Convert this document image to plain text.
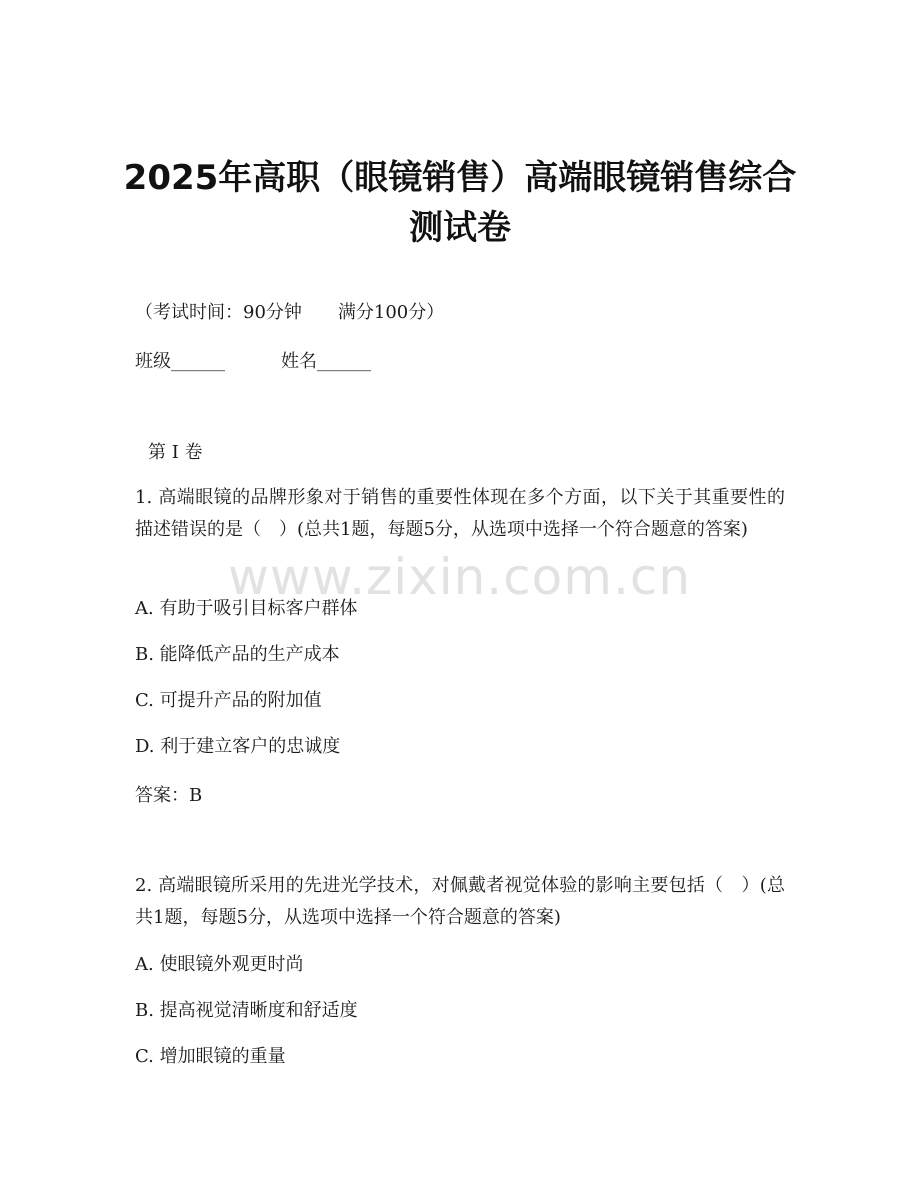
2025年高职（眼镜销售）高端眼镜销售综合
测试卷
（考试时间：90分钟　　满分100分）
班级______	姓名______
第 I 卷
1. 高端眼镜的品牌形象对于销售的重要性体现在多个方面，以下关于其重要性的描述错误的是（　）(总共1题，每题5分，从选项中选择一个符合题意的答案)
A. 有助于吸引目标客户群体
B. 能降低产品的生产成本
C. 可提升产品的附加值
D. 利于建立客户的忠诚度
答案：B
2. 高端眼镜所采用的先进光学技术，对佩戴者视觉体验的影响主要包括（　）(总共1题，每题5分，从选项中选择一个符合题意的答案)
A. 使眼镜外观更时尚
B. 提高视觉清晰度和舒适度
C. 增加眼镜的重量
www.zixin.com.cn
